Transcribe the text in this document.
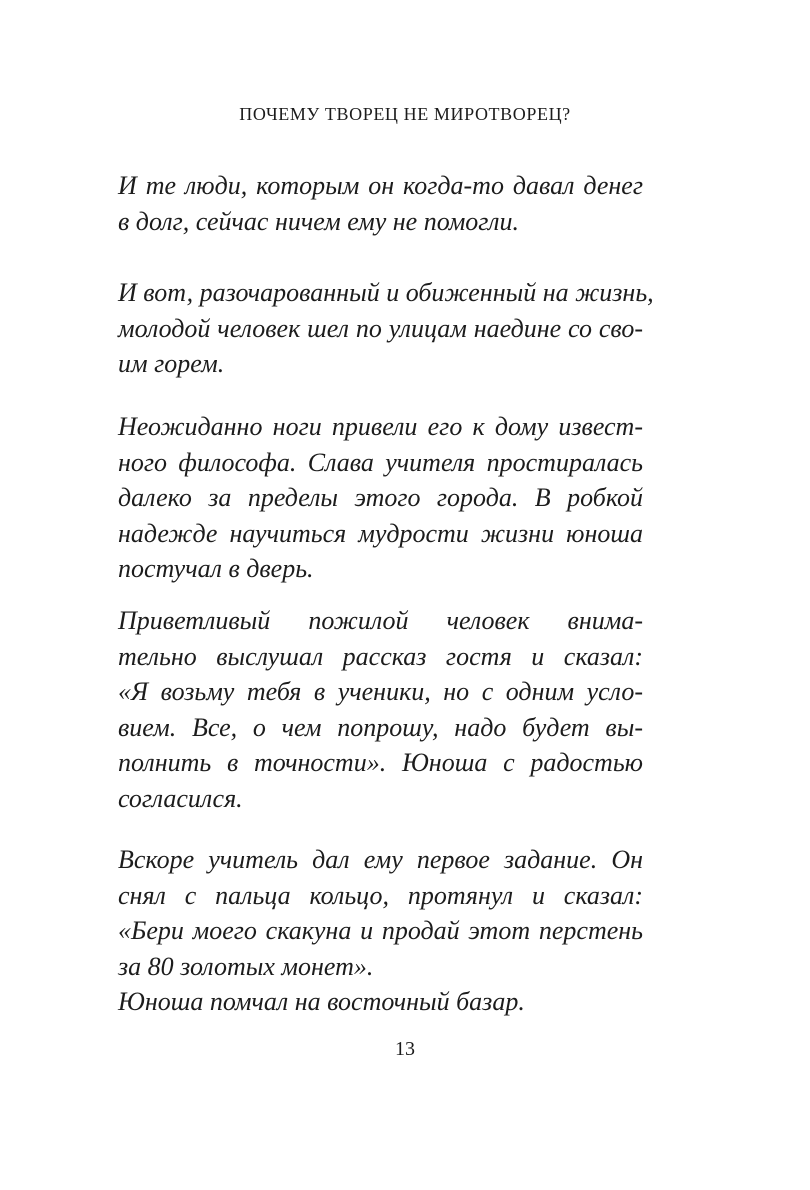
ПОЧЕМУ ТВОРЕЦ НЕ МИРОТВОРЕЦ?
И те люди, которым он когда-то давал денег
в долг, сейчас ничем ему не помогли.
И вот, разочарованный и обиженный на жизнь,
молодой человек шел по улицам наедине со сво-
им горем.
Неожиданно ноги привели его к дому извест-
ного философа. Слава учителя простиралась
далеко за пределы этого города. В робкой
надежде научиться мудрости жизни юноша
постучал в дверь.
Приветливый пожилой человек внима-
тельно выслушал рассказ гостя и сказал:
«Я возьму тебя в ученики, но с одним усло-
вием. Все, о чем попрошу, надо будет вы-
полнить в точности». Юноша с радостью
согласился.
Вскоре учитель дал ему первое задание. Он
снял с пальца кольцо, протянул и сказал:
«Бери моего скакуна и продай этот перстень
за 80 золотых монет».
Юноша помчал на восточный базар.
13
